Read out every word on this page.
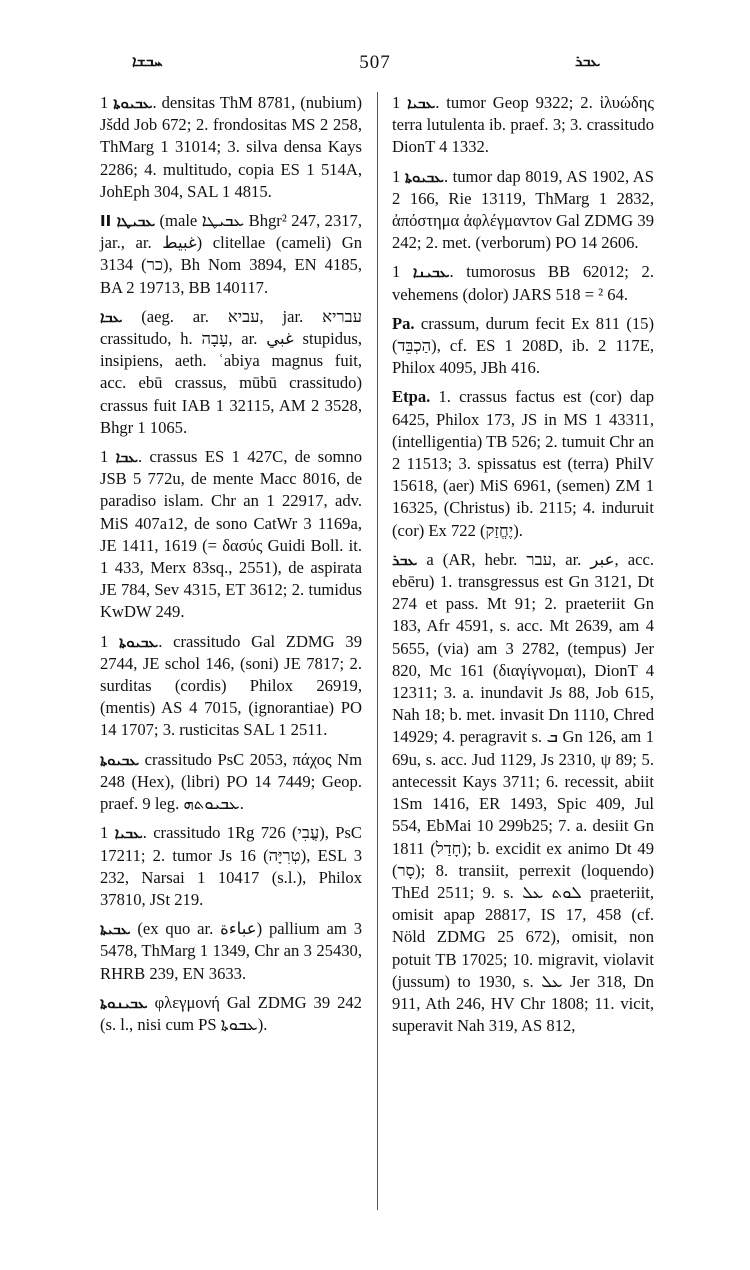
ܚܒܫܐ	507	ܥܒܪ

ܥܒܝܘܬܐ 1. densitas ThM 8781, (nubium) Jšdd Job 672; 2. frondositas MS 2 258, ThMarg 1 31014; 3. silva densa Kays 2286; 4. multitudo, copia ES 1 514A, JohEph 304, SAL 1 4815.

II ܥܒܝܛܐ (male ܥܒܝܛܐ Bhgr² 247, 2317, jar., ar. غبيط) clitellae (cameli) Gn 3134 (כר), Bh Nom 3894, EN 4185, BA 2 19713, BB 140117.

ܥܒܐ (aeg. ar. עביא, jar. עבריא crassitudo, h. עָבָה, ar. غبي stupidus, insipiens, aeth. ʿabiya magnus fuit, acc. ebū crassus, mūbū crassitudo) crassus fuit IAB 1 32115, AM 2 3528, Bhgr 1 1065.

ܥܒܐ 1. crassus ES 1 427C, de somno JSB 5 772u, de mente Macc 8016, de paradiso islam. Chr an 1 22917, adv. MiS 407a12, de sono CatWr 3 1169a, JE 1411, 1619 (= δασύς Guidi Boll. it. 1 433, Merx 83sq., 2551), de aspirata JE 784, Sev 4315, ET 3612; 2. tumidus KwDW 249.

ܥܒܝܘܬܐ 1. crassitudo Gal ZDMG 39 2744, JE schol 146, (soni) JE 7817; 2. surditas (cordis) Philox 26919, (mentis) AS 4 7015, (ignorantiae) PO 14 1707; 3. rusticitas SAL 1 2511.

ܥܒܝܘܬܐ crassitudo PsC 2053, πάχος Nm 248 (Hex), (libri) PO 14 7449; Geop. praef. 9 leg. ܥܒܝܘܬܗ.

ܥܒܝܐ 1. crassitudo 1Rg 726 (עֳבִי), PsC 17211; 2. tumor Js 16 (טְרִיָּה), ESL 3 232, Narsai 1 10417 (s.l.), Philox 37810, JSt 219.

ܥܒܝܬܐ (ex quo ar. عباءة) pallium am 3 5478, ThMarg 1 1349, Chr an 3 25430, RHRB 239, EN 3633.

ܥܒܝܢܘܬܐ φλεγμονή Gal ZDMG 39 242 (s. l., nisi cum PS ܥܒܘܬܐ).

ܥܒܝܐ 1. tumor Geop 9322; 2. ἰλυώδης terra lutulenta ib. praef. 3; 3. crassitudo DionT 4 1332.

ܥܒܝܘܬܐ 1. tumor dap 8019, AS 1902, AS 2 166, Rie 13119, ThMarg 1 2832, ἀπόστημα ἀφλέγμαντον Gal ZDMG 39 242; 2. met. (verborum) PO 14 2606.

ܥܒܝܢܐ 1. tumorosus BB 62012; 2. vehemens (dolor) JARS 518 = ² 64.

Pa. crassum, durum fecit Ex 811 (15) (הַכְבֵּד), cf. ES 1 208D, ib. 2 117E, Philox 4095, JBh 416.

Etpa. 1. crassus factus est (cor) dap 6425, Philox 173, JS in MS 1 43311, (intelligentia) TB 526; 2. tumuit Chr an 2 11513; 3. spissatus est (terra) PhilV 15618, (aer) MiS 6961, (semen) ZM 1 16325, (Christus) ib. 2115; 4. induruit (cor) Ex 722 (יֶחֱזַק).

ܥܒܪ a (AR, hebr. עבר, ar. عبر, acc. ebēru) 1. transgressus est Gn 3121, Dt 274 et pass. Mt 91; 2. praeteriit Gn 183, Afr 4591, s. acc. Mt 2639, am 4 5655, (via) am 3 2782, (tempus) Jer 820, Mc 161 (διαγίγνομαι), DionT 4 12311; 3. a. inundavit Js 88, Job 615, Nah 18; b. met. invasit Dn 1110, Chred 14929; 4. peragravit s. ܒ Gn 126, am 1 69u, s. acc. Jud 1129, Js 2310, ψ 89; 5. antecessit Kays 3711; 6. recessit, abiit 1Sm 1416, ER 1493, Spic 409, Jul 554, EbMai 10 299b25; 7. a. desiit Gn 1811 (חָדַל); b. excidit ex animo Dt 49 (סָר); 8. transiit, perrexit (loquendo) ThEd 2511; 9. s. ܠܘܬ ܥܠ praeteriit, omisit apap 28817, IS 17, 458 (cf. Nöld ZDMG 25 672), omisit, non potuit TB 17025; 10. migravit, violavit (jussum) to 1930, s. ܥܠ Jer 318, Dn 911, Ath 246, HV Chr 1808; 11. vicit, superavit Nah 319, AS 812,
